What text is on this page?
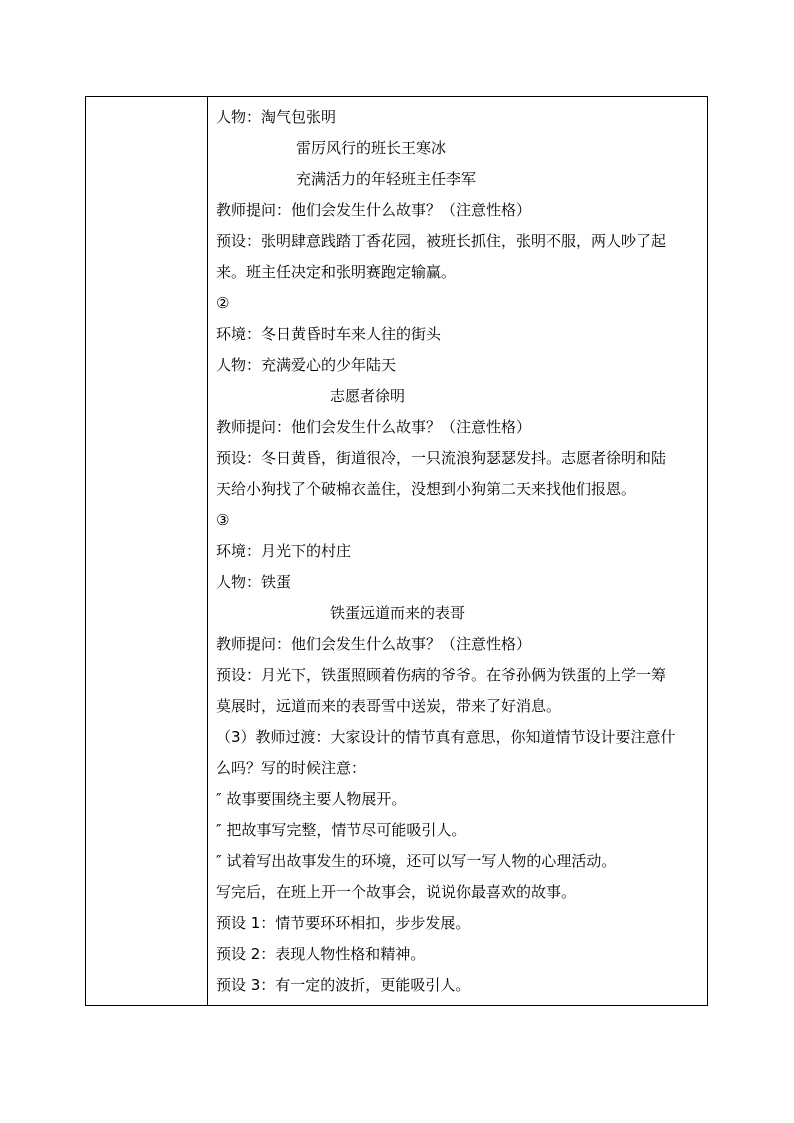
人物：淘气包张明
雷厉风行的班长王寒冰
充满活力的年轻班主任李军
教师提问：他们会发生什么故事？（注意性格）
预设：张明肆意践踏丁香花园，被班长抓住，张明不服，两人吵了起
来。班主任决定和张明赛跑定输赢。
②
环境：冬日黄昏时车来人往的街头
人物：充满爱心的少年陆天
志愿者徐明
教师提问：他们会发生什么故事？（注意性格）
预设：冬日黄昏，街道很冷，一只流浪狗瑟瑟发抖。志愿者徐明和陆
天给小狗找了个破棉衣盖住，没想到小狗第二天来找他们报恩。
③
环境：月光下的村庄
人物：铁蛋
铁蛋远道而来的表哥
教师提问：他们会发生什么故事？（注意性格）
预设：月光下，铁蛋照顾着伤病的爷爷。在爷孙俩为铁蛋的上学一筹
莫展时，远道而来的表哥雪中送炭，带来了好消息。
（3）教师过渡：大家设计的情节真有意思，你知道情节设计要注意什
么吗？写的时候注意：
″ 故事要围绕主要人物展开。
″ 把故事写完整，情节尽可能吸引人。
″ 试着写出故事发生的环境，还可以写一写人物的心理活动。
写完后，在班上开一个故事会，说说你最喜欢的故事。
预设 1：情节要环环相扣，步步发展。
预设 2：表现人物性格和精神。
预设 3：有一定的波折，更能吸引人。
